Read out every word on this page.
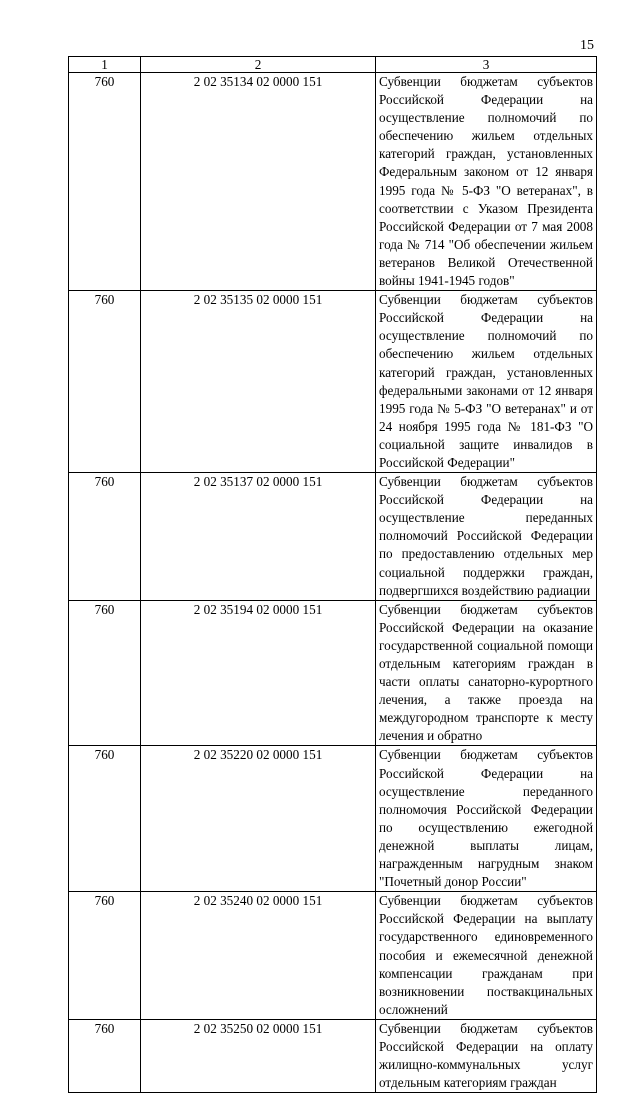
15
1	2	3
760	2 02 35134 02 0000 151	Субвенции бюджетам субъектов Российской Федерации на осуществление полномочий по обеспечению жильем отдельных категорий граждан, установленных Федеральным законом от 12 января 1995 года № 5-ФЗ "О ветеранах", в соответствии с Указом Президента Российской Федерации от 7 мая 2008 года № 714 "Об обеспечении жильем ветеранов Великой Отечественной войны 1941-1945 годов"
760	2 02 35135 02 0000 151	Субвенции бюджетам субъектов Российской Федерации на осуществление полномочий по обеспечению жильем отдельных категорий граждан, установленных федеральными законами от 12 января 1995 года № 5-ФЗ "О ветеранах" и от 24 ноября 1995 года № 181-ФЗ "О социальной защите инвалидов в Российской Федерации"
760	2 02 35137 02 0000 151	Субвенции бюджетам субъектов Российской Федерации на осуществление переданных полномочий Российской Федерации по предоставлению отдельных мер социальной поддержки граждан, подвергшихся воздействию радиации
760	2 02 35194 02 0000 151	Субвенции бюджетам субъектов Российской Федерации на оказание государственной социальной помощи отдельным категориям граждан в части оплаты санаторно-курортного лечения, а также проезда на междугородном транспорте к месту лечения и обратно
760	2 02 35220 02 0000 151	Субвенции бюджетам субъектов Российской Федерации на осуществление переданного полномочия Российской Федерации по осуществлению ежегодной денежной выплаты лицам, награжденным нагрудным знаком "Почетный донор России"
760	2 02 35240 02 0000 151	Субвенции бюджетам субъектов Российской Федерации на выплату государственного единовременного пособия и ежемесячной денежной компенсации гражданам при возникновении поствакцинальных осложнений
760	2 02 35250 02 0000 151	Субвенции бюджетам субъектов Российской Федерации на оплату жилищно-коммунальных услуг отдельным категориям граждан
